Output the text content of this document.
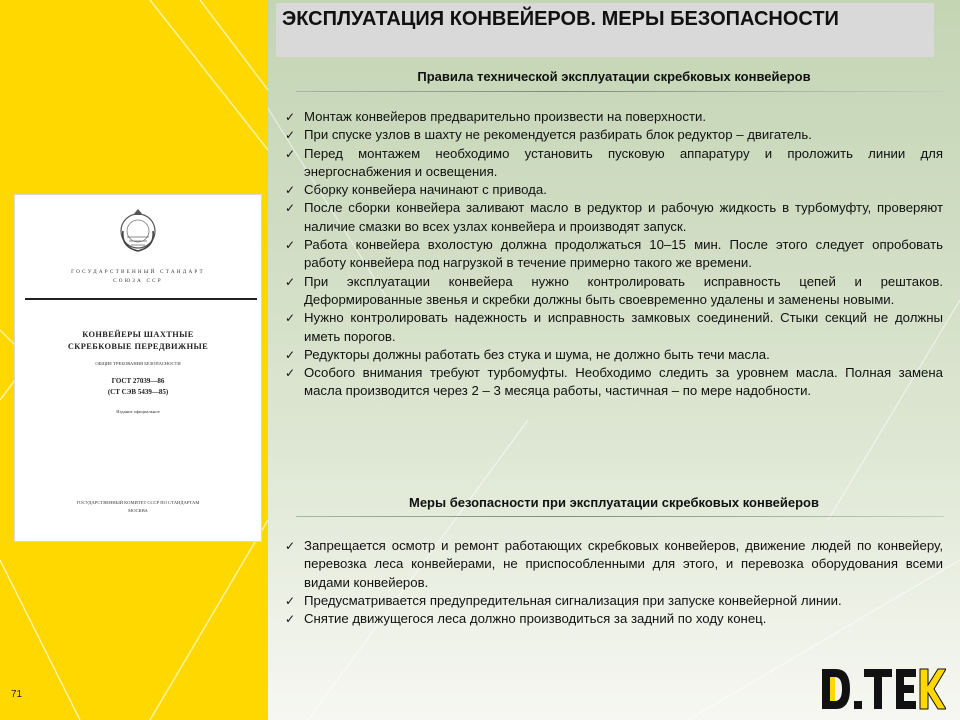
ГОСУДАРСТВЕННЫЙ СТАНДАРТ
СОЮЗА ССР
КОНВЕЙЕРЫ ШАХТНЫЕ
СКРЕБКОВЫЕ ПЕРЕДВИЖНЫЕ
ОБЩИЕ ТРЕБОВАНИЯ БЕЗОПАСНОСТИ
ГОСТ 27039—86
(СТ СЭВ 5439—85)
Издание официальное
ГОСУДАРСТВЕННЫЙ КОМИТЕТ СССР ПО СТАНДАРТАМ
МОСКВА
71
ЭКСПЛУАТАЦИЯ КОНВЕЙЕРОВ. МЕРЫ БЕЗОПАСНОСТИ
Правила технической эксплуатации скребковых конвейеров
✓ Монтаж конвейеров предварительно произвести на поверхности.
✓ При спуске узлов в шахту не рекомендуется разбирать блок редуктор – двигатель.
✓ Перед монтажем необходимо установить пусковую аппаратуру и проложить линии для энергоснабжения и освещения.
✓ Сборку конвейера начинают с привода.
✓ После сборки конвейера заливают масло в редуктор и рабочую жидкость в турбомуфту, проверяют наличие смазки во всех узлах конвейера и производят запуск.
✓ Работа конвейера вхолостую должна продолжаться 10–15 мин. После этого следует опробовать работу конвейера под нагрузкой в течение примерно такого же времени.
✓ При эксплуатации конвейера нужно контролировать исправность цепей и рештаков. Деформированные звенья и скребки должны быть своевременно удалены и заменены новыми.
✓ Нужно контролировать надежность и исправность замковых соединений. Стыки секций не должны иметь порогов.
✓ Редукторы должны работать без стука и шума, не должно быть течи масла.
✓ Особого внимания требуют турбомуфты. Необходимо следить за уровнем масла. Полная замена масла производится через 2 – 3 месяца работы, частичная – по мере надобности.
Меры безопасности при эксплуатации скребковых конвейеров
✓ Запрещается осмотр и ремонт работающих скребковых конвейеров, движение людей по конвейеру, перевозка леса конвейерами, не приспособленными для этого, и перевозка оборудования всеми видами конвейеров.
✓ Предусматривается предупредительная сигнализация при запуске конвейерной линии.
✓ Снятие движущегося леса должно производиться за задний по ходу конец.
DTEK
